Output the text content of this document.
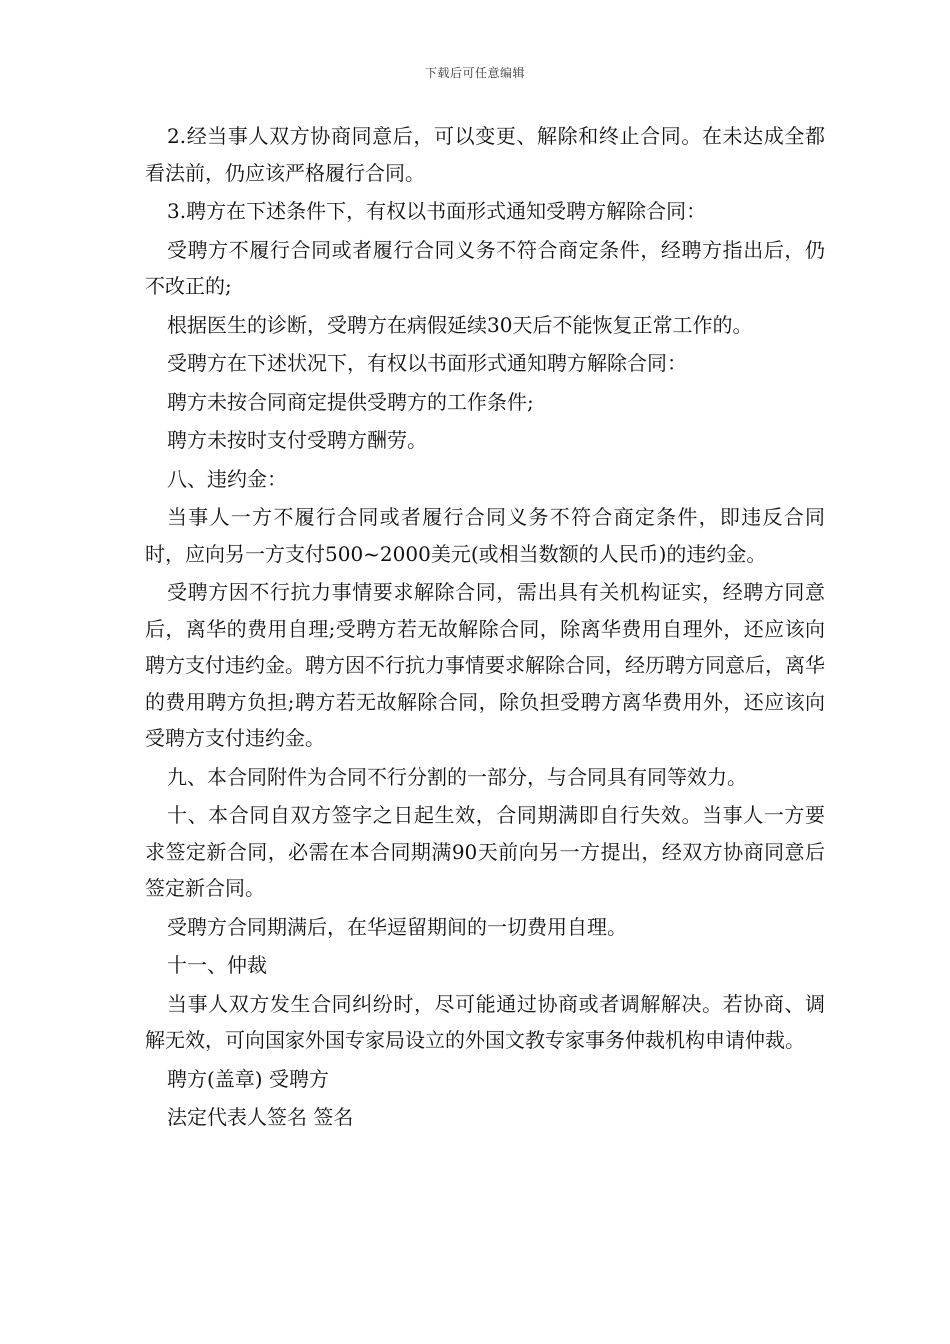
下载后可任意编辑

2.经当事人双方协商同意后，可以变更、解除和终止合同。在未达成全都看法前，仍应该严格履行合同。

3.聘方在下述条件下，有权以书面形式通知受聘方解除合同：

受聘方不履行合同或者履行合同义务不符合商定条件，经聘方指出后，仍不改正的;

根据医生的诊断，受聘方在病假延续30天后不能恢复正常工作的。

受聘方在下述状况下，有权以书面形式通知聘方解除合同：

聘方未按合同商定提供受聘方的工作条件;

聘方未按时支付受聘方酬劳。

八、违约金：

当事人一方不履行合同或者履行合同义务不符合商定条件，即违反合同时，应向另一方支付500~2000美元(或相当数额的人民币)的违约金。

受聘方因不行抗力事情要求解除合同，需出具有关机构证实，经聘方同意后，离华的费用自理;受聘方若无故解除合同，除离华费用自理外，还应该向聘方支付违约金。聘方因不行抗力事情要求解除合同，经历聘方同意后，离华的费用聘方负担;聘方若无故解除合同，除负担受聘方离华费用外，还应该向受聘方支付违约金。

九、本合同附件为合同不行分割的一部分，与合同具有同等效力。

十、本合同自双方签字之日起生效，合同期满即自行失效。当事人一方要求签定新合同，必需在本合同期满90天前向另一方提出，经双方协商同意后签定新合同。

受聘方合同期满后，在华逗留期间的一切费用自理。

十一、仲裁

当事人双方发生合同纠纷时，尽可能通过协商或者调解解决。若协商、调解无效，可向国家外国专家局设立的外国文教专家事务仲裁机构申请仲裁。

聘方(盖章) 受聘方

法定代表人签名 签名
